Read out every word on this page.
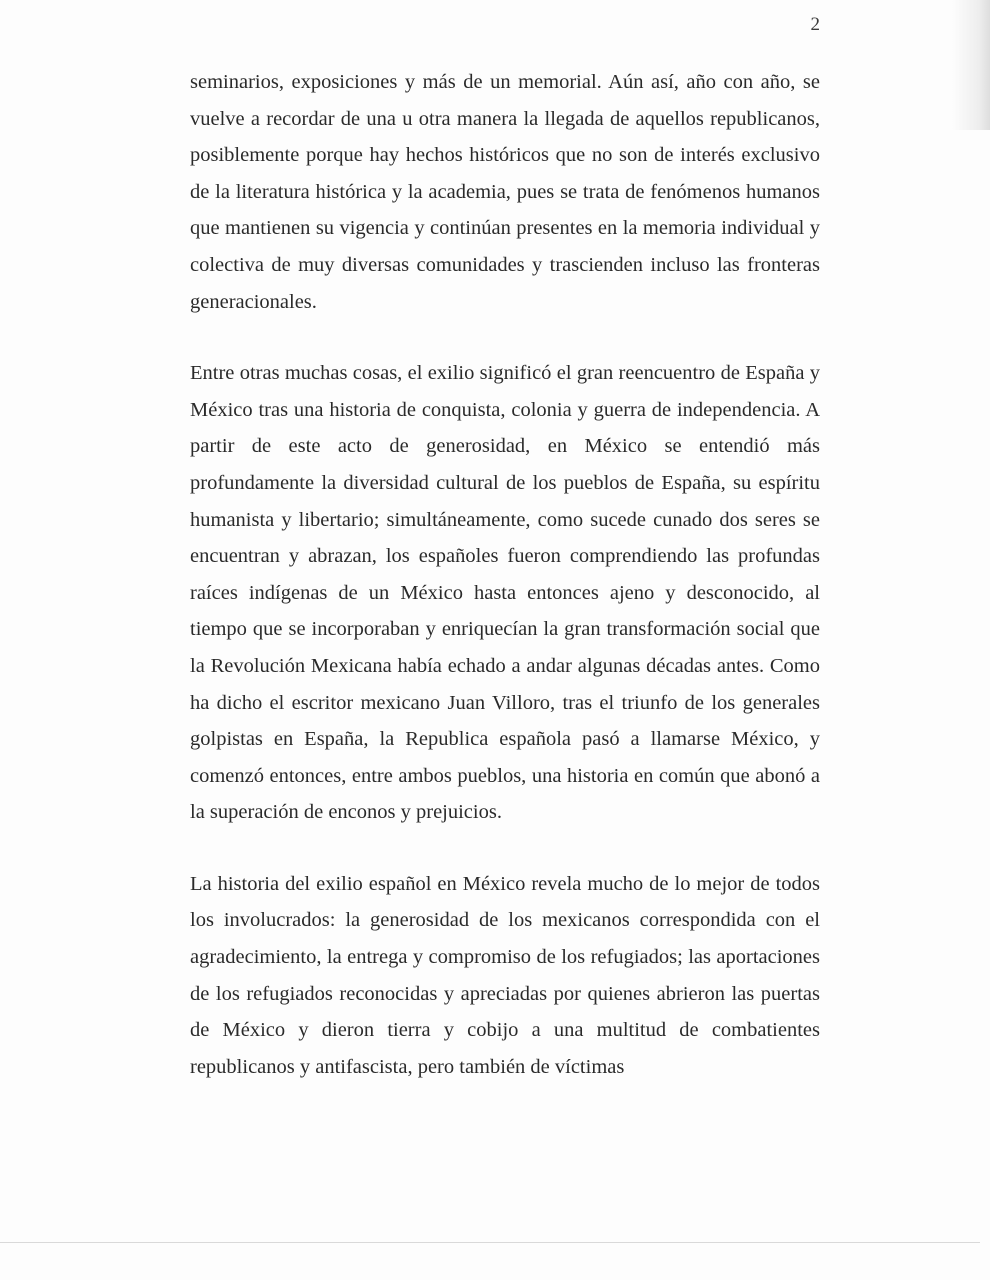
2

seminarios, exposiciones y más de un memorial. Aún así, año con año, se vuelve a recordar de una u otra manera la llegada de aquellos republicanos, posiblemente porque hay hechos históricos que no son de interés exclusivo de la literatura histórica y la academia, pues se trata de fenómenos humanos que mantienen su vigencia y continúan presentes en la memoria individual y colectiva de muy diversas comunidades y trascienden incluso las fronteras generacionales.

Entre otras muchas cosas, el exilio significó el gran reencuentro de España y México tras una historia de conquista, colonia y guerra de independencia. A partir de este acto de generosidad, en México se entendió más profundamente la diversidad cultural de los pueblos de España, su espíritu humanista y libertario; simultáneamente, como sucede cunado dos seres se encuentran y abrazan, los españoles fueron comprendiendo las profundas raíces indígenas de un México hasta entonces ajeno y desconocido, al tiempo que se incorporaban y enriquecían la gran transformación social que la Revolución Mexicana había echado a andar algunas décadas antes. Como ha dicho el escritor mexicano Juan Villoro, tras el triunfo de los generales golpistas en España, la Republica española pasó a llamarse México, y comenzó entonces, entre ambos pueblos, una historia en común que abonó a la superación de enconos y prejuicios.

La historia del exilio español en México revela mucho de lo mejor de todos los involucrados: la generosidad de los mexicanos correspondida con el agradecimiento, la entrega y compromiso de los refugiados; las aportaciones de los refugiados reconocidas y apreciadas por quienes abrieron las puertas de México y dieron tierra y cobijo a una multitud de combatientes republicanos y antifascista, pero también de víctimas
